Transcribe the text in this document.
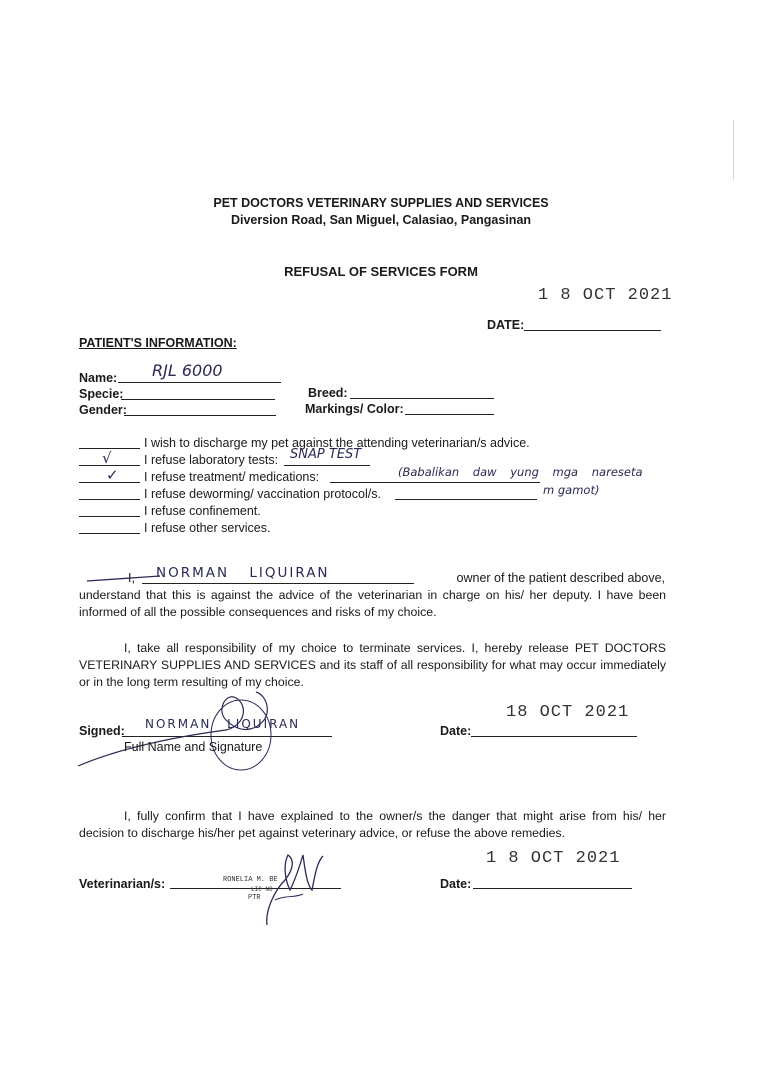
PET DOCTORS VETERINARY SUPPLIES AND SERVICES
Diversion Road, San Miguel, Calasiao, Pangasinan
REFUSAL OF SERVICES FORM
1 8 OCT 2021
DATE:
PATIENT'S INFORMATION:
Name: RJL 6000
Specie:	Breed:
Gender:	Markings/ Color:
I wish to discharge my pet against the attending veterinarian/s advice.
√	I refuse laboratory tests: SNAP TEST
✓ I refuse treatment/ medications:	(Babalikan daw yung mga nareseta
m gamot)
I refuse deworming/ vaccination protocol/s.
I refuse confinement.
I refuse other services.
I, NORMAN LIQUIRAN	owner of the patient described above,
understand that this is against the advice of the veterinarian in charge on his/ her deputy. I have been informed of all the possible consequences and risks of my choice.
I, take all responsibility of my choice to terminate services. I, hereby release PET DOCTORS VETERINARY SUPPLIES AND SERVICES and its staff of all responsibility for what may occur immediately or in the long term resulting of my choice.
Signed: NORMAN LIQUIRAN
Full Name and Signature
18 OCT 2021
Date:
I, fully confirm that I have explained to the owner/s the danger that might arise from his/ her decision to discharge his/her pet against veterinary advice, or refuse the above remedies.
Veterinarian/s:	RONELIA M. BE
LIC NO
PTR
1 8 OCT 2021
Date:
